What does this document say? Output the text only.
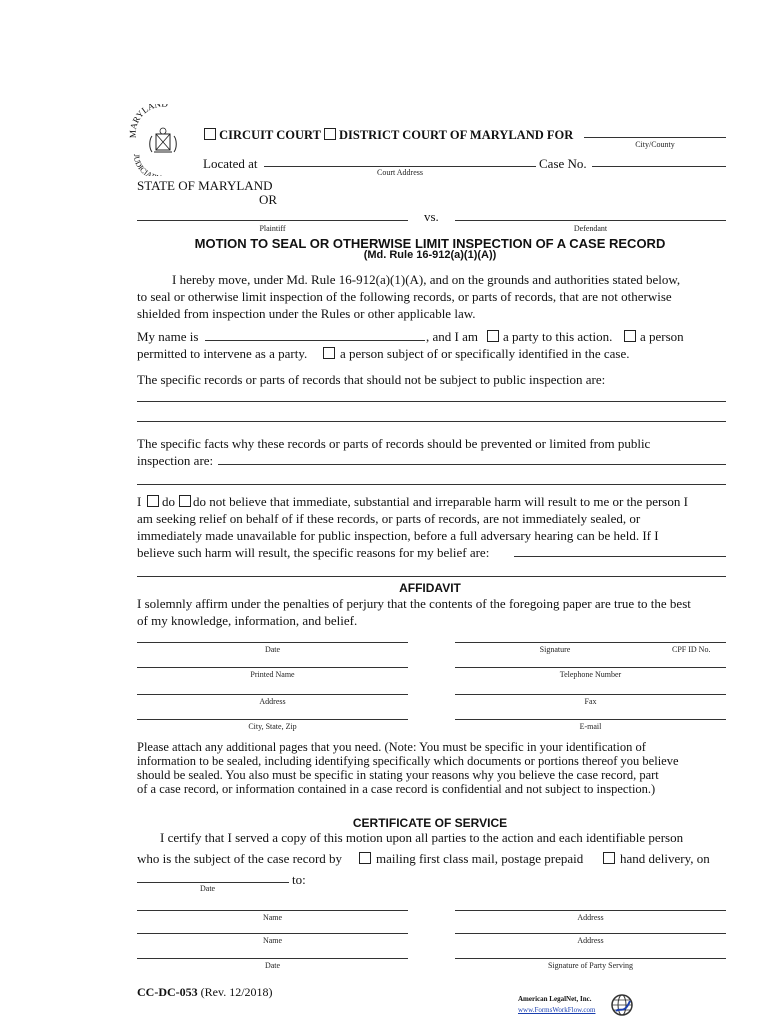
MARYLAN
JUDICIA
CIRCUIT COURT DISTRICT COURT OF MARYLAND FOR
City/County
Located at
Court Address
Case No.
STATE OF MARYLAND
OR
vs.
Plaintiff	Defendant
MOTION TO SEAL OR OTHERWISE LIMIT INSPECTION OF A CASE RECORD
(Md. Rule 16-912(a)(1)(A))
I hereby move, under Md. Rule 16-912(a)(1)(A), and on the grounds and authorities stated below,
to seal or otherwise limit inspection of the following records, or parts of records, that are not otherwise
shielded from inspection under the Rules or other applicable law.
My name is	, and I am a party to this action. a person
permitted to intervene as a party.	a person subject of or specifically identified in the case.
The specific records or parts of records that should not be subject to public inspection are:
The specific facts why these records or parts of records should be prevented or limited from public
inspection are:
I do do not believe that immediate, substantial and irreparable harm will result to me or the person I
am seeking relief on behalf of if these records, or parts of records, are not immediately sealed, or
immediately made unavailable for public inspection, before a full adversary hearing can be held. If I
believe such harm will result, the specific reasons for my belief are:
AFFIDAVIT
I solemnly affirm under the penalties of perjury that the contents of the foregoing paper are true to the best
of my knowledge, information, and belief.
Date	Signature	CPF ID No.
Printed Name	Telephone Number
Address	Fax
City, State, Zip	E-mail
Please attach any additional pages that you need. (Note: You must be specific in your identification of
information to be sealed, including identifying specifically which documents or portions thereof you believe
should be sealed. You also must be specific in stating your reasons why you believe the case record, part
of a case record, or information contained in a case record is confidential and not subject to inspection.)
CERTIFICATE OF SERVICE
I certify that I served a copy of this motion upon all parties to the action and each identifiable person
who is the subject of the case record by	mailing first class mail, postage prepaid	hand delivery, on
to:
Date
Name	Address
Name	Address
Date	Signature of Party Serving
CC-DC-053 (Rev. 12/2018)	American LegalNet, Inc.
www.FormsWorkFlow.com
